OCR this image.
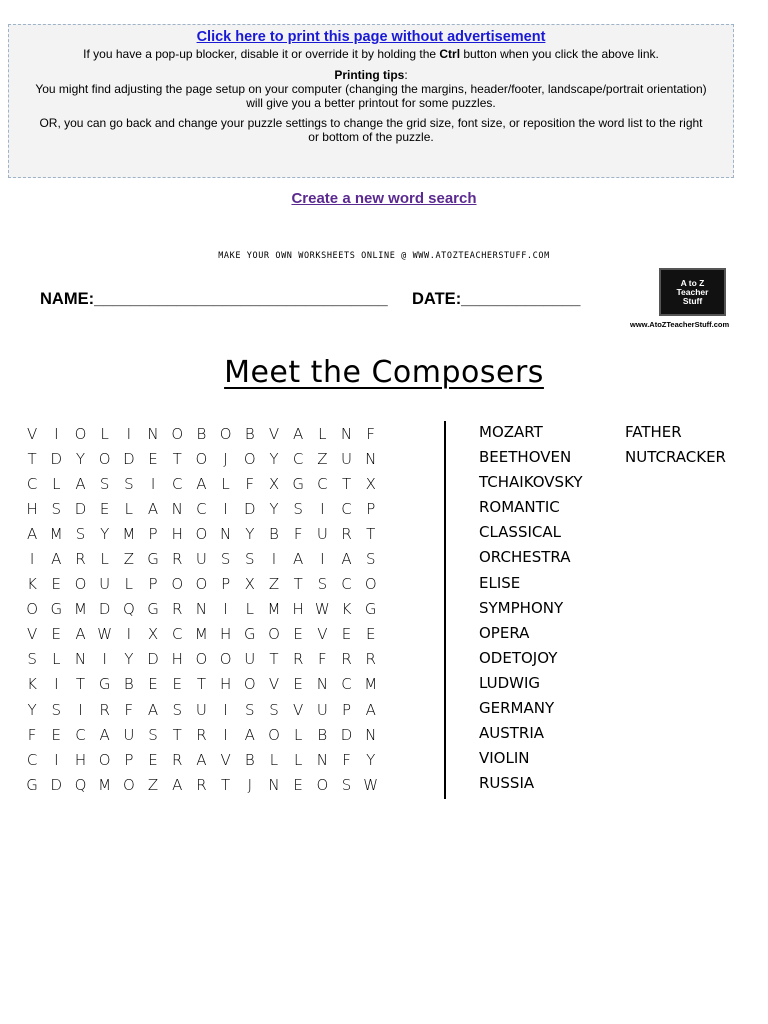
Click here to print this page without advertisement

If you have a pop-up blocker, disable it or override it by holding the Ctrl button when you click the above link.

Printing tips:

You might find adjusting the page setup on your computer (changing the margins, header/footer, landscape/portrait orientation)

will give you a better printout for some puzzles.

OR, you can go back and change your puzzle settings to change the grid size, font size, or reposition the word list to the right

or bottom of the puzzle.

Create a new word search
MAKE YOUR OWN WORKSHEETS ONLINE @ WWW.ATOZTEACHERSTUFF.COM
NAME:________________________________ DATE:_____________
A to Z
Teacher
Stuff
www.AtoZTeacherStuff.com
Meet the Composers
V	I	O	L	I	N	O	B	O	B	V	A	L	N	F
T	D	Y	O	D	E	T	O	J	O	Y	C	Z	U	N
C	L	A	S	S	I	C	A	L	F	X	G	C	T	X
H	S	D	E	L	A	N	C	I	D	Y	S	I	C	P
A	M	S	Y	M	P	H	O	N	Y	B	F	U	R	T
I	A	R	L	Z	G	R	U	S	S	I	A	I	A	S
K	E	O	U	L	P	O	O	P	X	Z	T	S	C	O
O	G	M	D	Q	G	R	N	I	L	M	H	W	K	G
V	E	A	W	I	X	C	M	H	G	O	E	V	E	E
S	L	N	I	Y	D	H	O	O	U	T	R	F	R	R
K	I	T	G	B	E	E	T	H	O	V	E	N	C	M
Y	S	I	R	F	A	S	U	I	S	S	V	U	P	A
F	E	C	A	U	S	T	R	I	A	O	L	B	D	N
C	I	H	O	P	E	R	A	V	B	L	L	N	F	Y
G	D	Q	M	O	Z	A	R	T	J	N	E	O	S	W
MOZART
BEETHOVEN
TCHAIKOVSKY
ROMANTIC
CLASSICAL
ORCHESTRA
ELISE
SYMPHONY
OPERA
ODETOJOY
LUDWIG
GERMANY
AUSTRIA
VIOLIN
RUSSIA
FATHER
NUTCRACKER
